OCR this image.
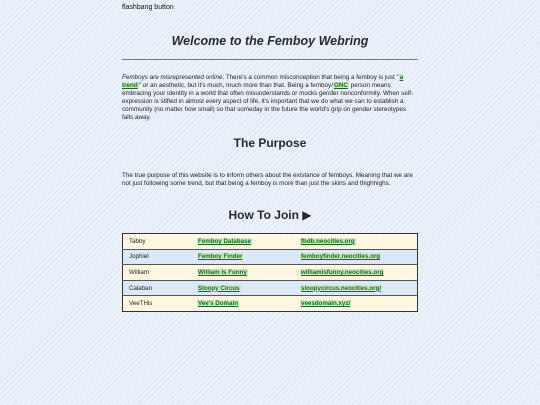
flashbang button
Welcome to the Femboy Webring

Femboys are misrepresented online. There's a common misconception that being a femboy is just "a trend" or an aesthetic, but it's much, much more than that. Being a femboy/GNC person means embracing your identity in a world that often misunderstands or mocks gender nonconformity. When self-expression is stifled in almost every aspect of life, it's important that we do what we can to establish a community (no matter how small) so that someday in the future the world's grip on gender stereotypes falls away.

The Purpose

The true purpose of this website is to inform others about the existance of femboys. Meaning that we are not just following some trend, but that being a femboy is more than just the skirts and thighhighs.

How To Join ▶
Tabby	Femboy Database	fbdb.neocities.org
Jophiel	Femboy Finder	femboyfinder.neocities.org
William	William Is Funny	williamisfunny.neocities.org
Calaban	Sloopy Circus	sloopycircus.neocities.org/
VeeTHis	Vee's Domain	veesdomain.xyz/
